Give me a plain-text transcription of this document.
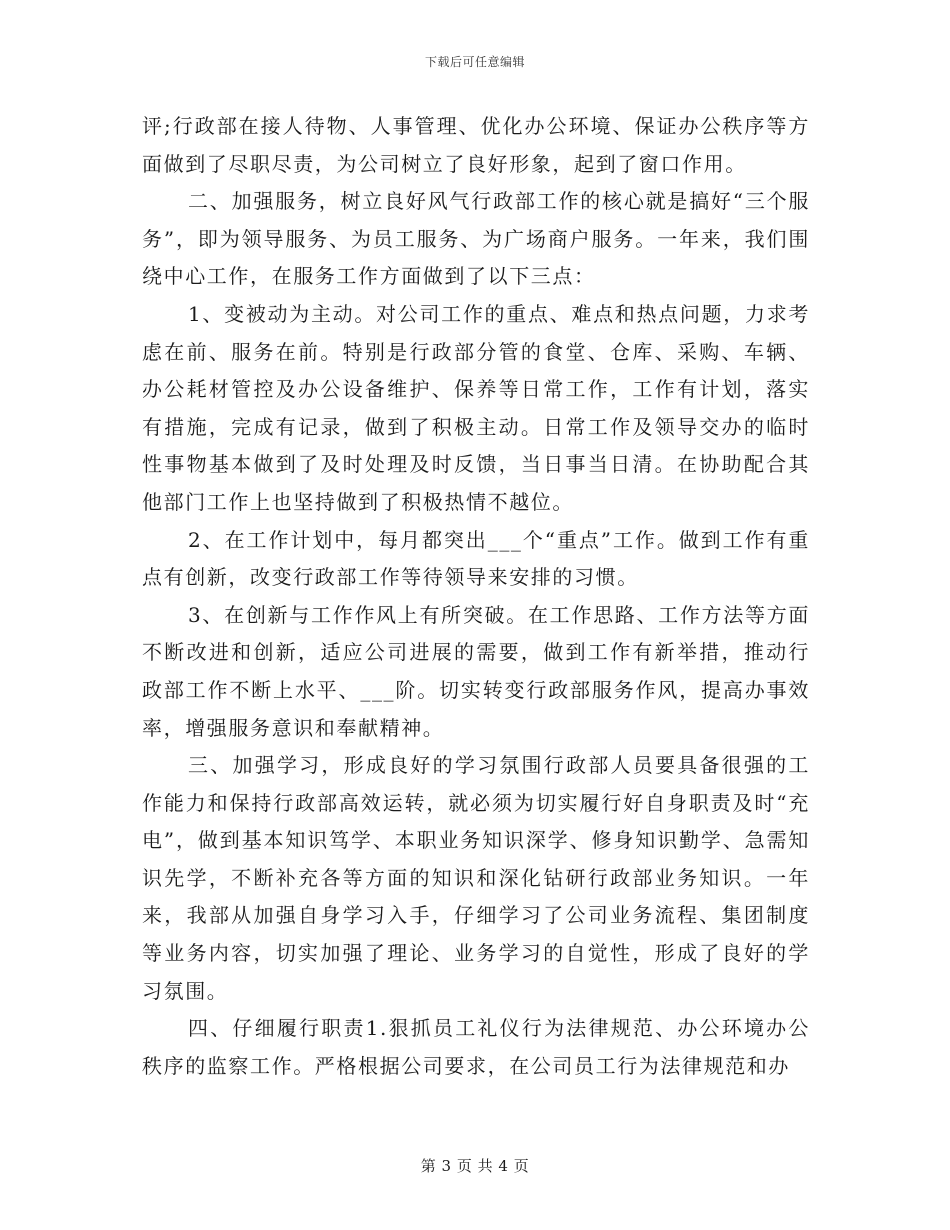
下载后可任意编辑

评;行政部在接人待物、人事管理、优化办公环境、保证办公秩序等方面做到了尽职尽责，为公司树立了良好形象，起到了窗口作用。

二、加强服务，树立良好风气行政部工作的核心就是搞好“三个服务”，即为领导服务、为员工服务、为广场商户服务。一年来，我们围绕中心工作，在服务工作方面做到了以下三点：

1、变被动为主动。对公司工作的重点、难点和热点问题，力求考虑在前、服务在前。特别是行政部分管的食堂、仓库、采购、车辆、办公耗材管控及办公设备维护、保养等日常工作，工作有计划，落实有措施，完成有记录，做到了积极主动。日常工作及领导交办的临时性事物基本做到了及时处理及时反馈，当日事当日清。在协助配合其他部门工作上也坚持做到了积极热情不越位。

2、在工作计划中，每月都突出___个“重点”工作。做到工作有重点有创新，改变行政部工作等待领导来安排的习惯。

3、在创新与工作作风上有所突破。在工作思路、工作方法等方面不断改进和创新，适应公司进展的需要，做到工作有新举措，推动行政部工作不断上水平、___阶。切实转变行政部服务作风，提高办事效率，增强服务意识和奉献精神。

三、加强学习，形成良好的学习氛围行政部人员要具备很强的工作能力和保持行政部高效运转，就必须为切实履行好自身职责及时“充电”，做到基本知识笃学、本职业务知识深学、修身知识勤学、急需知识先学，不断补充各等方面的知识和深化钻研行政部业务知识。一年来，我部从加强自身学习入手，仔细学习了公司业务流程、集团制度等业务内容，切实加强了理论、业务学习的自觉性，形成了良好的学习氛围。

四、仔细履行职责1.狠抓员工礼仪行为法律规范、办公环境办公秩序的监察工作。严格根据公司要求，在公司员工行为法律规范和办

第 3 页 共 4 页
